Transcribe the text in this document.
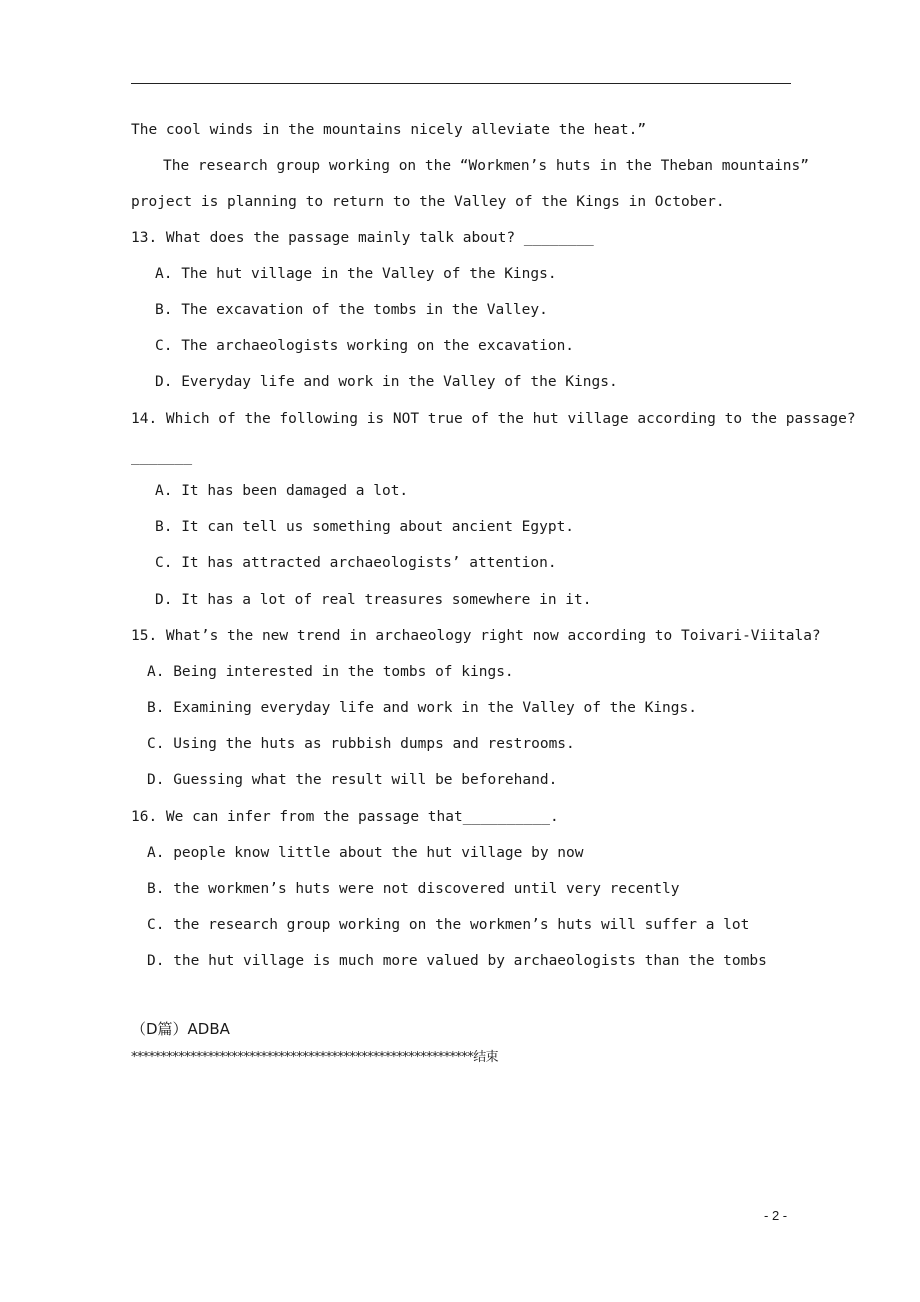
The cool winds in the mountains nicely alleviate the heat.”
The research group working on the “Workmen’s huts in the Theban mountains”
project is planning to return to the Valley of the Kings in October.
13. What does the passage mainly talk about? ________
A. The hut village in the Valley of the Kings.
B. The excavation of the tombs in the Valley.
C. The archaeologists working on the excavation.
D. Everyday life and work in the Valley of the Kings.
14. Which of the following is NOT true of the hut village according to the passage?
_______
A. It has been damaged a lot.
B. It can tell us something about ancient Egypt.
C. It has attracted archaeologists’ attention.
D. It has a lot of real treasures somewhere in it.
15. What’s the new trend in archaeology right now according to Toivari-Viitala?
A. Being interested in the tombs of kings.
B. Examining everyday life and work in the Valley of the Kings.
C. Using the huts as rubbish dumps and restrooms.
D. Guessing what the result will be beforehand.
16. We can infer from the passage that__________.
A. people know little about the hut village by now
B. the workmen’s huts were not discovered until very recently
C. the research group working on the workmen’s huts will suffer a lot
D. the hut village is much more valued by archaeologists than the tombs
（D篇）ADBA
**********************************************************结束
- 2 -
